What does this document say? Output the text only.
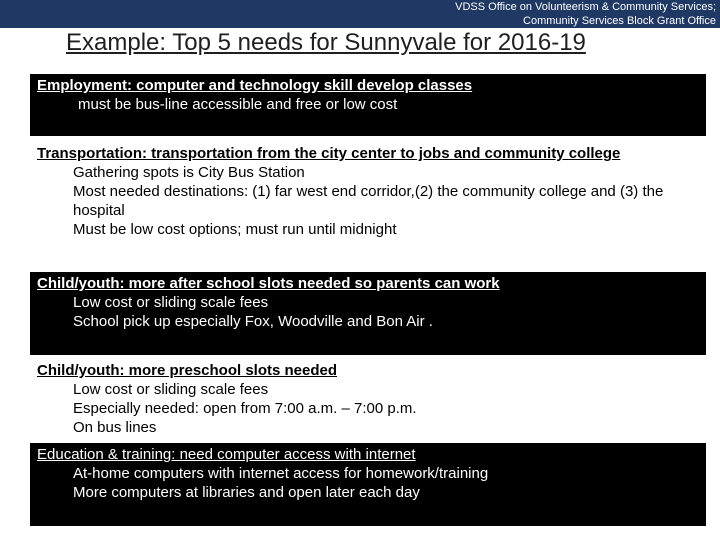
VDSS Office on Volunteerism & Community Services;
Community Services Block Grant Office
Example: Top 5 needs for Sunnyvale for 2016-19
Employment: computer and technology skill develop classes
must be bus-line accessible and free or low cost
Transportation: transportation from the city center to jobs and community college
Gathering spots is City Bus Station
Most needed destinations: (1) far west end corridor,(2) the community college and (3) the hospital
Must be low cost options; must run until midnight
Child/youth: more after school slots needed so parents can work
Low cost or sliding scale fees
School pick up especially Fox, Woodville and Bon Air .
Child/youth: more preschool slots needed
Low cost or sliding scale fees
Especially needed: open from 7:00 a.m. – 7:00 p.m.
On bus lines
Education & training: need computer access with internet
At-home computers with internet access for homework/training
More computers at libraries and open later each day
